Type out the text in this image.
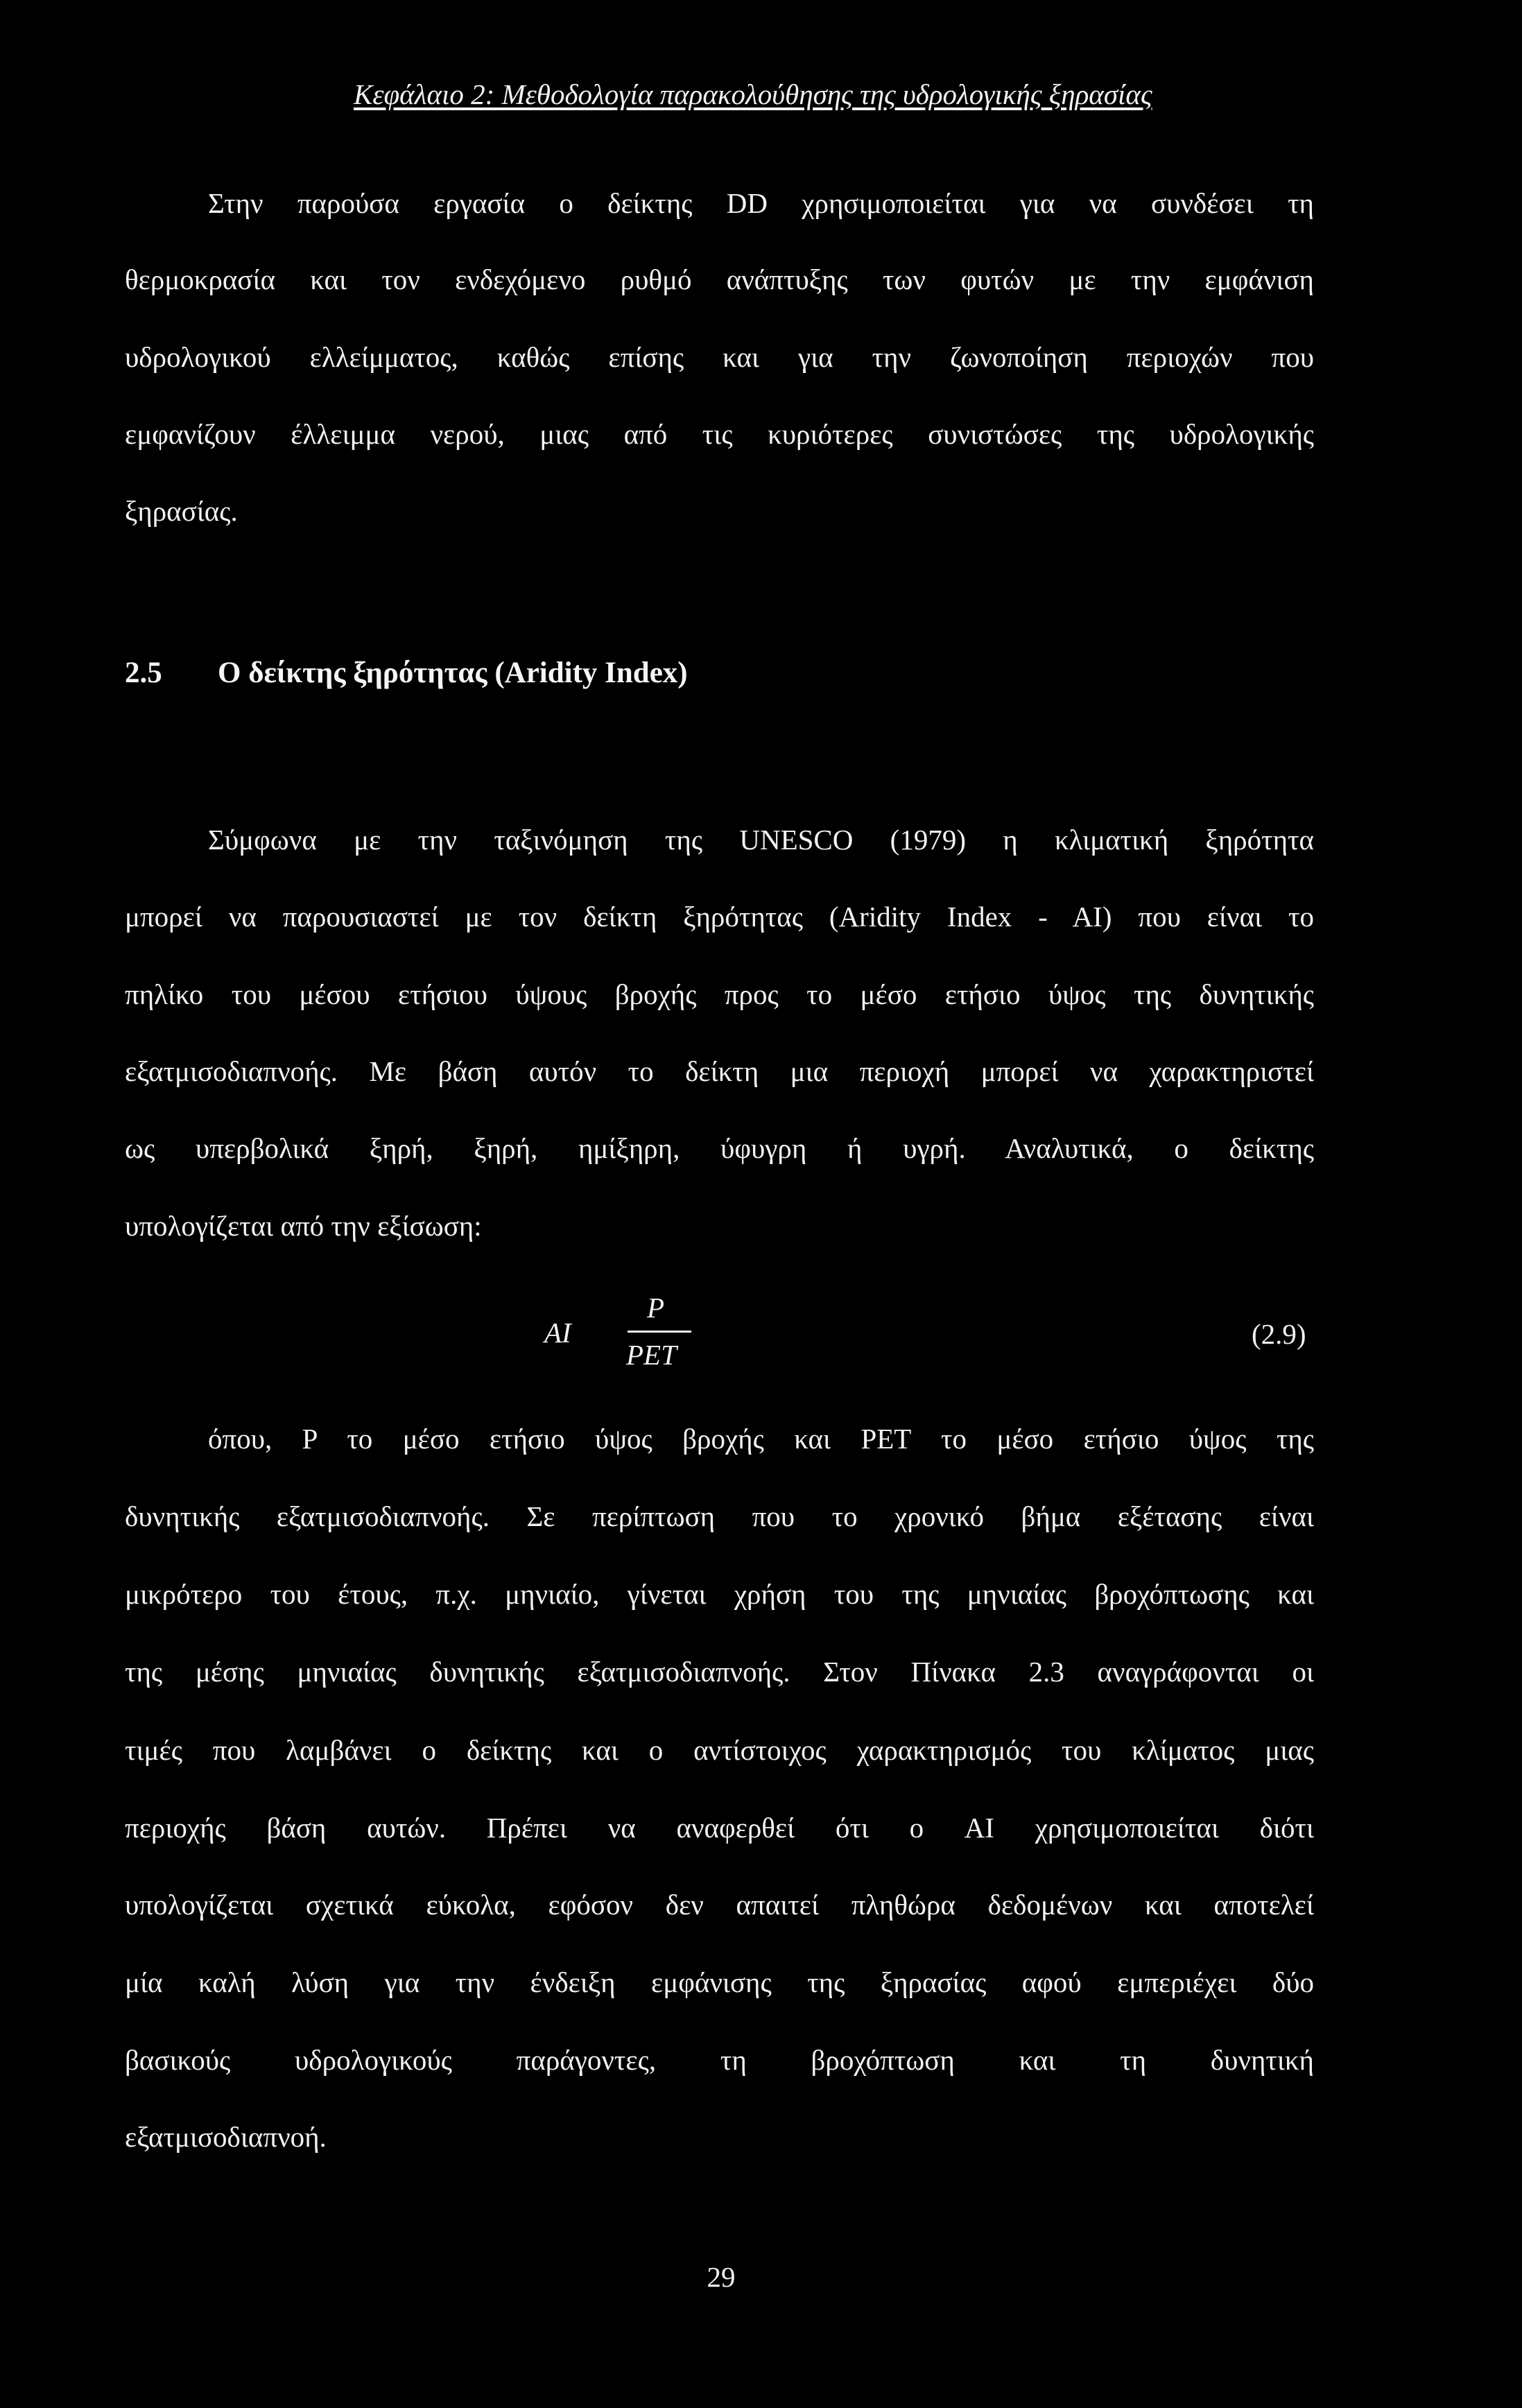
Κεφάλαιο 2: Μεθοδολογία παρακολούθησης της υδρολογικής ξηρασίας
Στην παρούσα εργασία ο δείκτης DD χρησιμοποιείται για να συνδέσει τη
θερμοκρασία και τον ενδεχόμενο ρυθμό ανάπτυξης των φυτών με την εμφάνιση
υδρολογικού ελλείμματος, καθώς επίσης και για την ζωνοποίηση περιοχών που
εμφανίζουν έλλειμμα νερού, μιας από τις κυριότερες συνιστώσες της υδρολογικής
ξηρασίας.
2.5 Ο δείκτης ξηρότητας (Aridity Index)
Σύμφωνα με την ταξινόμηση της UNESCO (1979) η κλιματική ξηρότητα
μπορεί να παρουσιαστεί με τον δείκτη ξηρότητας (Aridity Index - AI) που είναι το
πηλίκο του μέσου ετήσιου ύψους βροχής προς το μέσο ετήσιο ύψος της δυνητικής
εξατμισοδιαπνοής. Με βάση αυτόν το δείκτη μια περιοχή μπορεί να χαρακτηριστεί
ως υπερβολικά ξηρή, ξηρή, ημίξηρη, ύφυγρη ή υγρή. Αναλυτικά, ο δείκτης
υπολογίζεται από την εξίσωση:
AI
P
PET
(2.9)
όπου, P το μέσο ετήσιο ύψος βροχής και PET το μέσο ετήσιο ύψος της
δυνητικής εξατμισοδιαπνοής. Σε περίπτωση που το χρονικό βήμα εξέτασης είναι
μικρότερο του έτους, π.χ. μηνιαίο, γίνεται χρήση του της μηνιαίας βροχόπτωσης και
της μέσης μηνιαίας δυνητικής εξατμισοδιαπνοής. Στον Πίνακα 2.3 αναγράφονται οι
τιμές που λαμβάνει ο δείκτης και ο αντίστοιχος χαρακτηρισμός του κλίματος μιας
περιοχής βάση αυτών. Πρέπει να αναφερθεί ότι ο AI χρησιμοποιείται διότι
υπολογίζεται σχετικά εύκολα, εφόσον δεν απαιτεί πληθώρα δεδομένων και αποτελεί
μία καλή λύση για την ένδειξη εμφάνισης της ξηρασίας αφού εμπεριέχει δύο
βασικούς υδρολογικούς παράγοντες, τη βροχόπτωση και τη δυνητική
εξατμισοδιαπνοή.
29
